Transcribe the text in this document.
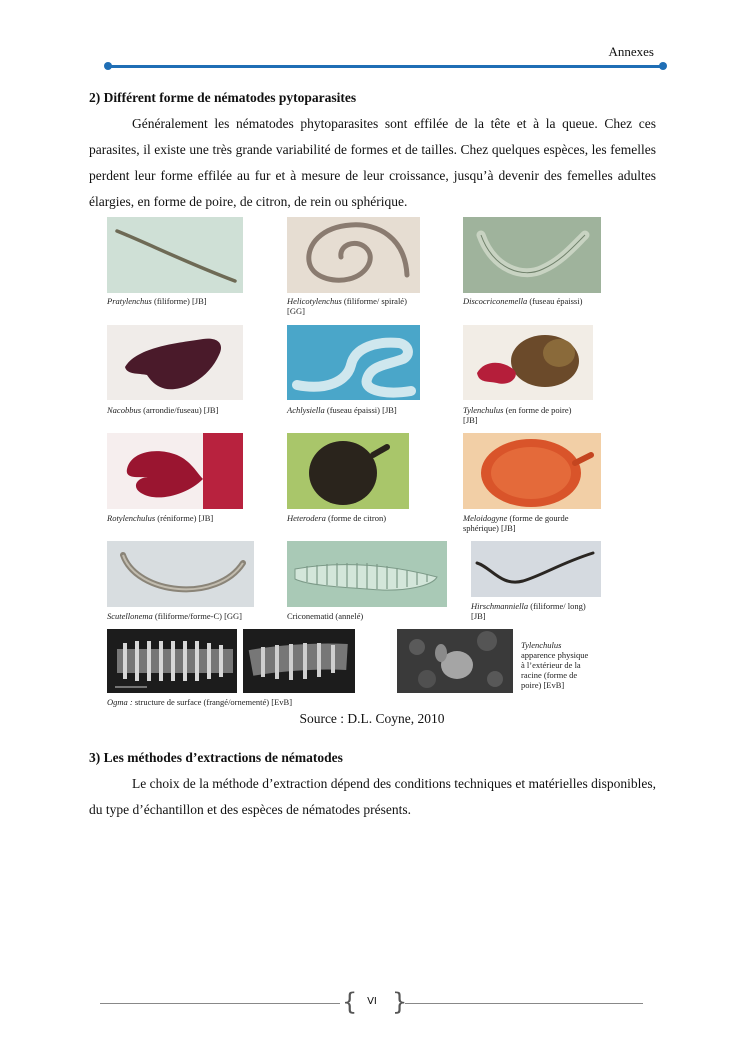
Annexes
2) Différent forme de nématodes pytoparasites
Généralement les nématodes phytoparasites sont effilée de la tête et à la queue. Chez ces parasites, il existe une très grande variabilité de formes et de tailles. Chez quelques espèces, les femelles perdent leur forme effilée au fur et à mesure de leur croissance, jusqu’à devenir des femelles adultes élargies, en forme de poire, de citron, de rein ou sphérique.
Pratylenchus (filiforme) [JB]	Helicotylenchus (filiforme/ spiralé) [GG]
Discocriconemella (fuseau épaissi)
Nacobbus (arrondie/fuseau) [JB]	Achlysiella (fuseau épaissi) [JB]	Tylenchulus (en forme de poire) [JB]
Rotylenchulus (réniforme) [JB]	Heterodera (forme de citron)	Meloidogyne (forme de gourde sphérique) [JB]
Scutellonema (filiforme/forme-C) [GG]	Criconematid (annelé)
Hirschmanniella (filiforme/ long) [JB]
Ogma : structure de surface (frangé/ornementé) [EvB]
Tylenchulus apparence physique à l’extérieur de la racine (forme de poire) [EvB]
Source : D.L. Coyne, 2010
3) Les méthodes d’extractions de nématodes
Le choix de la méthode d’extraction dépend des conditions techniques et matérielles disponibles, du type d’échantillon et des espèces de nématodes présents.
{ }
VI
